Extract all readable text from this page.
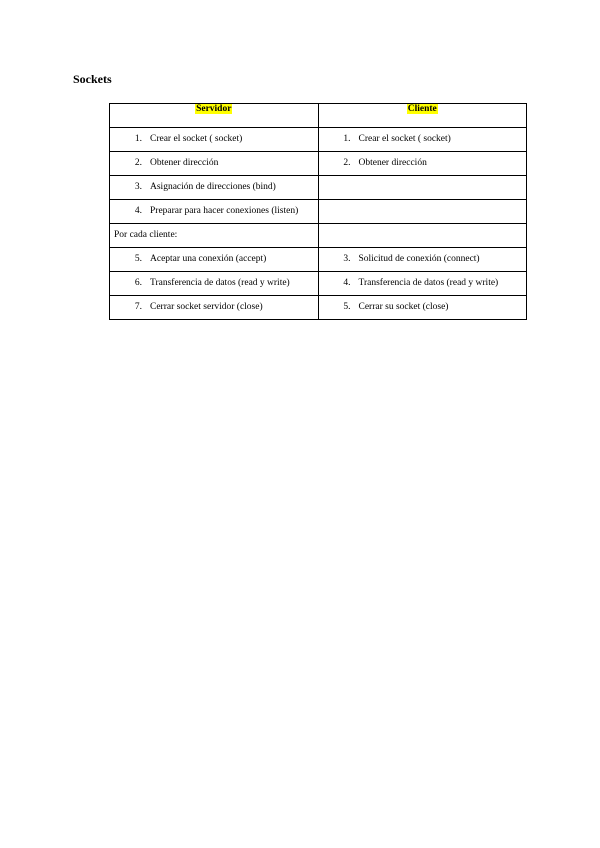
Sockets
Servidor	Cliente

1. Crear el socket ( socket)	1. Crear el socket ( socket)

2. Obtener dirección	2. Obtener dirección

3. Asignación de direcciones (bind)	

4. Preparar para hacer conexiones (listen)	

Por cada cliente:	

5. Aceptar una conexión (accept)	3. Solicitud de conexión (connect)

6. Transferencia de datos (read y write)	4. Transferencia de datos (read y write)

7. Cerrar socket servidor (close)	5. Cerrar su socket (close)
